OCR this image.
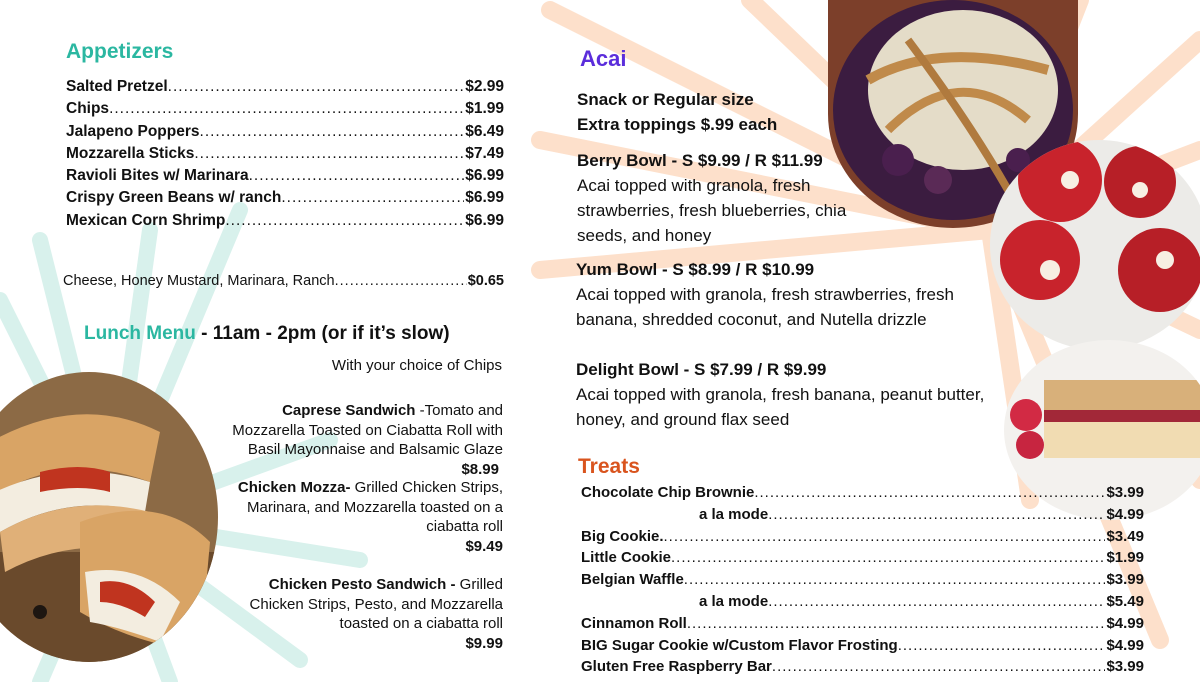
Appetizers
Salted Pretzel .....	$2.99
Chips .....	$1.99
Jalapeno Poppers .....	$6.49
Mozzarella Sticks .....	$7.49
Ravioli Bites w/ Marinara .....	$6.99
Crispy Green Beans w/ ranch .....	$6.99
Mexican Corn Shrimp .....	$6.99
Cheese, Honey Mustard, Marinara, Ranch .....	$0.65
Lunch Menu - 11am - 2pm (or if it’s slow)
With your choice of Chips
Caprese Sandwich -Tomato and Mozzarella Toasted on Ciabatta Roll with Basil Mayonnaise and Balsamic Glaze
$8.99
Chicken Mozza- Grilled Chicken Strips, Marinara, and Mozzarella toasted on a ciabatta roll
$9.49
Chicken Pesto Sandwich - Grilled Chicken Strips, Pesto, and Mozzarella toasted on a ciabatta roll
$9.99
Acai
Snack or Regular size
Extra toppings $.99 each
Berry Bowl - S $9.99 / R $11.99
Acai topped with granola, fresh strawberries, fresh blueberries, chia seeds, and honey
Yum Bowl - S $8.99 / R $10.99
Acai topped with granola, fresh strawberries, fresh banana, shredded coconut, and Nutella drizzle
Delight Bowl - S $7.99 / R $9.99
Acai topped with granola, fresh banana, peanut butter, honey, and ground flax seed
Treats
Chocolate Chip Brownie .....	$3.99
a la mode .....	$4.99
Big Cookie. .....	$3.49
Little Cookie .....	$1.99
Belgian Waffle .....	$3.99
a la mode .....	$5.49
Cinnamon Roll .....	$4.99
BIG Sugar Cookie w/Custom Flavor Frosting .....	$4.99
Gluten Free Raspberry Bar .....	$3.99
